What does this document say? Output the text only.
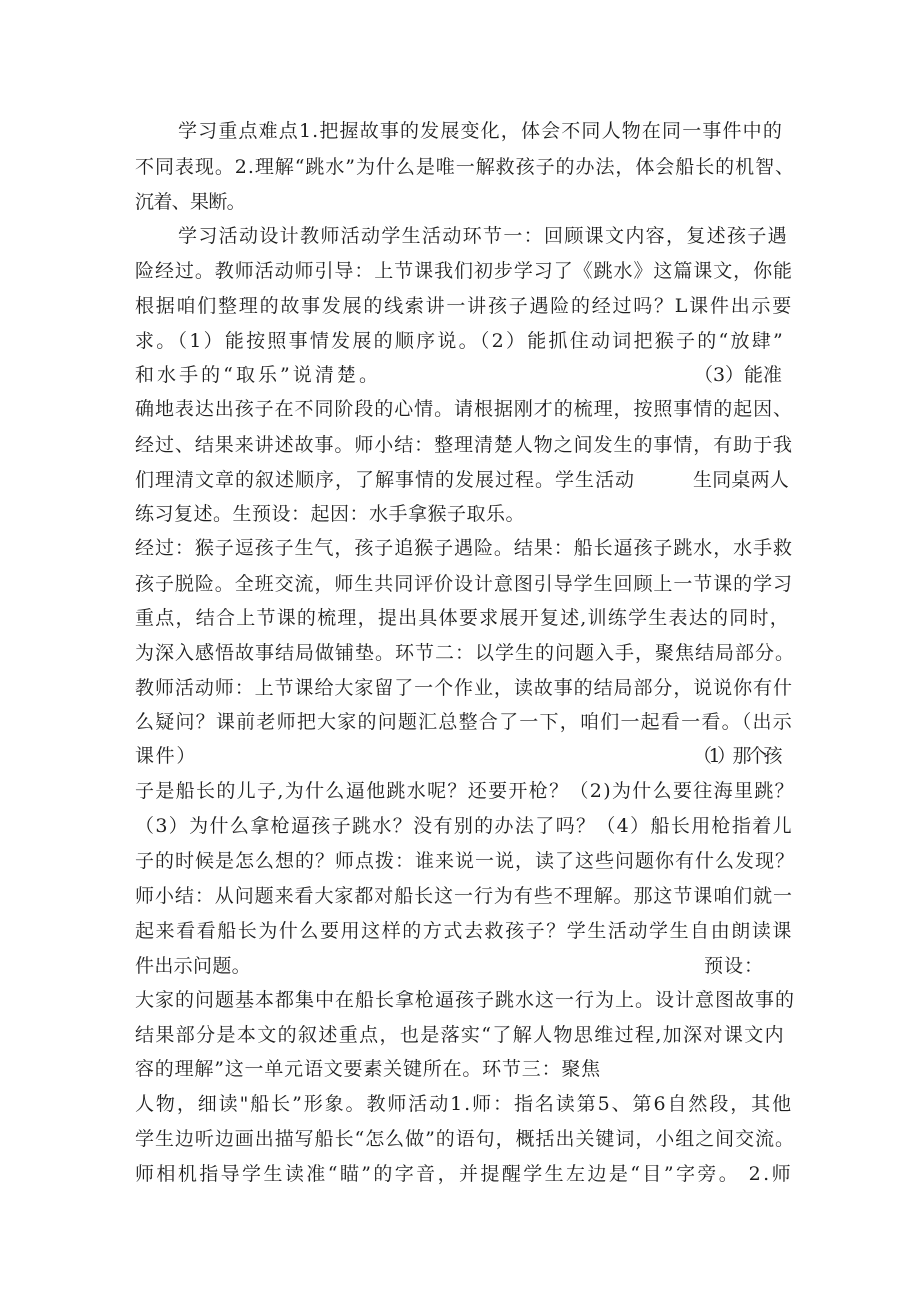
学习重点难点1.把握故事的发展变化，体会不同人物在同一事件中的
不同表现。2.理解“跳水”为什么是唯一解救孩子的办法，体会船长的机智、
沉着、果断。
学习活动设计教师活动学生活动环节一：回顾课文内容，复述孩子遇
险经过。教师活动师引导：上节课我们初步学习了《跳水》这篇课文，你能
根据咱们整理的故事发展的线索讲一讲孩子遇险的经过吗？L课件出示要
求。（1）能按照事情发展的顺序说。（2）能抓住动词把猴子的“放肆”
和水手的“取乐”说清楚。	（3）能准
确地表达出孩子在不同阶段的心情。请根据刚才的梳理，按照事情的起因、
经过、结果来讲述故事。师小结：整理清楚人物之间发生的事情，有助于我
们理清文章的叙述顺序，了解事情的发展过程。学生活动	生同桌两人
练习复述。生预设：起因：水手拿猴子取乐。
经过：猴子逗孩子生气，孩子追猴子遇险。结果：船长逼孩子跳水，水手救
孩子脱险。全班交流，师生共同评价设计意图引导学生回顾上一节课的学习
重点，结合上节课的梳理，提出具体要求展开复述,训练学生表达的同时，
为深入感悟故事结局做铺垫。环节二：以学生的问题入手，聚焦结局部分。
教师活动师：上节课给大家留了一个作业，读故事的结局部分，说说你有什
么疑问？课前老师把大家的问题汇总整合了一下，咱们一起看一看。（出示
课件）	（1）那个孩
子是船长的儿子,为什么逼他跳水呢？还要开枪？（2)为什么要往海里跳？
（3）为什么拿枪逼孩子跳水？没有别的办法了吗？（4）船长用枪指着儿
子的时候是怎么想的？师点拨：谁来说一说，读了这些问题你有什么发现？
师小结：从问题来看大家都对船长这一行为有些不理解。那这节课咱们就一
起来看看船长为什么要用这样的方式去救孩子？学生活动学生自由朗读课
件出示问题。	预设：
大家的问题基本都集中在船长拿枪逼孩子跳水这一行为上。设计意图故事的
结果部分是本文的叙述重点，也是落实“了解人物思维过程,加深对课文内
容的理解”这一单元语文要素关键所在。环节三：聚焦
人物，细读"船长”形象。教师活动1.师：指名读第5、第6自然段，其他
学生边听边画出描写船长“怎么做”的语句，概括出关键词，小组之间交流。
师相机指导学生读准“瞄”的字音，并提醒学生左边是“目”字旁。 2.师
